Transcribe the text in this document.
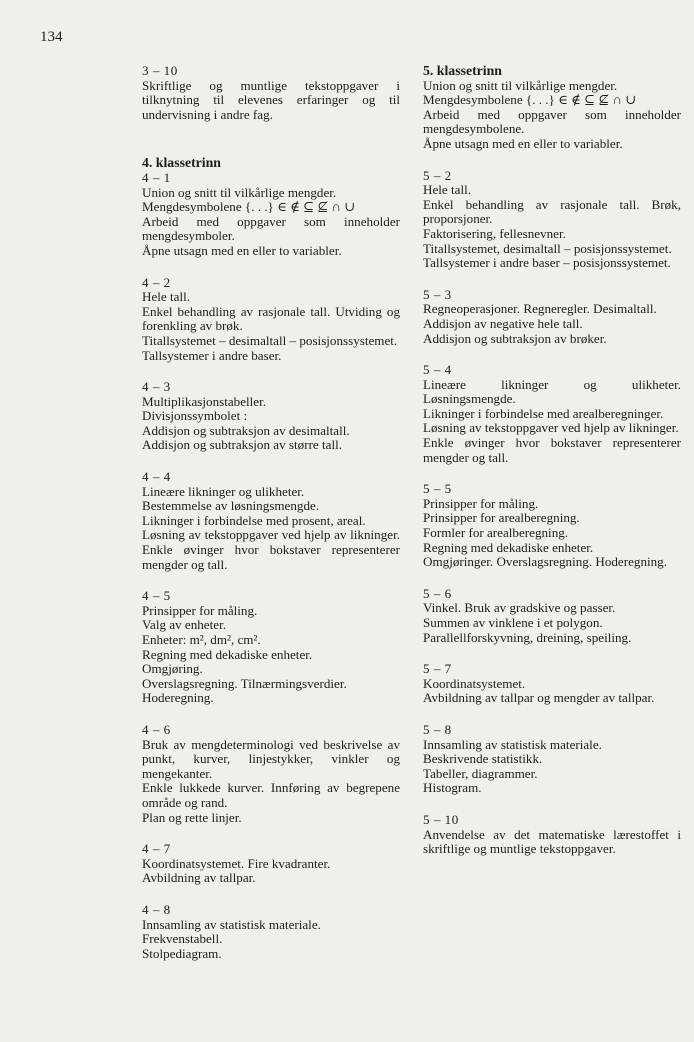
134

3 – 10

Skriftlige og muntlige tekstoppgaver i tilknytning til elevenes erfaringer og til undervisning i andre fag.

4. klassetrinn

4 – 1

Union og snitt til vilkårlige mengder.

Mengdesymbolene {. . .} ∈ ∉ ⊆ ⊈ ∩ ∪

Arbeid med oppgaver som inneholder mengdesymboler.

Åpne utsagn med en eller to variabler.

4 – 2

Hele tall.

Enkel behandling av rasjonale tall. Utviding og forenkling av brøk.

Titallsystemet – desimaltall – posisjonssystemet.

Tallsystemer i andre baser.

4 – 3

Multiplikasjonstabeller.

Divisjonssymbolet :

Addisjon og subtraksjon av desimaltall.

Addisjon og subtraksjon av større tall.

4 – 4

Lineære likninger og ulikheter.

Bestemmelse av løsningsmengde.

Likninger i forbindelse med prosent, areal.

Løsning av tekstoppgaver ved hjelp av likninger. Enkle øvinger hvor bokstaver representerer mengder og tall.

4 – 5

Prinsipper for måling.

Valg av enheter.

Enheter: m², dm², cm².

Regning med dekadiske enheter.

Omgjøring.

Overslagsregning. Tilnærmingsverdier.

Hoderegning.

4 – 6

Bruk av mengdeterminologi ved beskrivelse av punkt, kurver, linjestykker, vinkler og mengekanter.

Enkle lukkede kurver. Innføring av begrepene område og rand.

Plan og rette linjer.

4 – 7

Koordinatsystemet. Fire kvadranter.

Avbildning av tallpar.

4 – 8

Innsamling av statistisk materiale.

Frekvenstabell.

Stolpediagram.

5. klassetrinn

Union og snitt til vilkårlige mengder.

Mengdesymbolene {. . .} ∈ ∉ ⊆ ⊈ ∩ ∪

Arbeid med oppgaver som inneholder mengdesymbolene.

Åpne utsagn med en eller to variabler.

5 – 2

Hele tall.

Enkel behandling av rasjonale tall. Brøk, proporsjoner.

Faktorisering, fellesnevner.

Titallsystemet, desimaltall – posisjonssystemet.

Tallsystemer i andre baser – posisjonssystemet.

5 – 3

Regneoperasjoner. Regneregler. Desimaltall.

Addisjon av negative hele tall.

Addisjon og subtraksjon av brøker.

5 – 4

Lineære likninger og ulikheter. Løsningsmengde.

Likninger i forbindelse med arealberegninger.

Løsning av tekstoppgaver ved hjelp av likninger.

Enkle øvinger hvor bokstaver representerer mengder og tall.

5 – 5

Prinsipper for måling.

Prinsipper for arealberegning.

Formler for arealberegning.

Regning med dekadiske enheter.

Omgjøringer. Overslagsregning. Hoderegning.

5 – 6

Vinkel. Bruk av gradskive og passer.

Summen av vinklene i et polygon.

Parallellforskyvning, dreining, speiling.

5 – 7

Koordinatsystemet.

Avbildning av tallpar og mengder av tallpar.

5 – 8

Innsamling av statistisk materiale.

Beskrivende statistikk.

Tabeller, diagrammer.

Histogram.

5 – 10

Anvendelse av det matematiske lærestoffet i skriftlige og muntlige tekstoppgaver.
